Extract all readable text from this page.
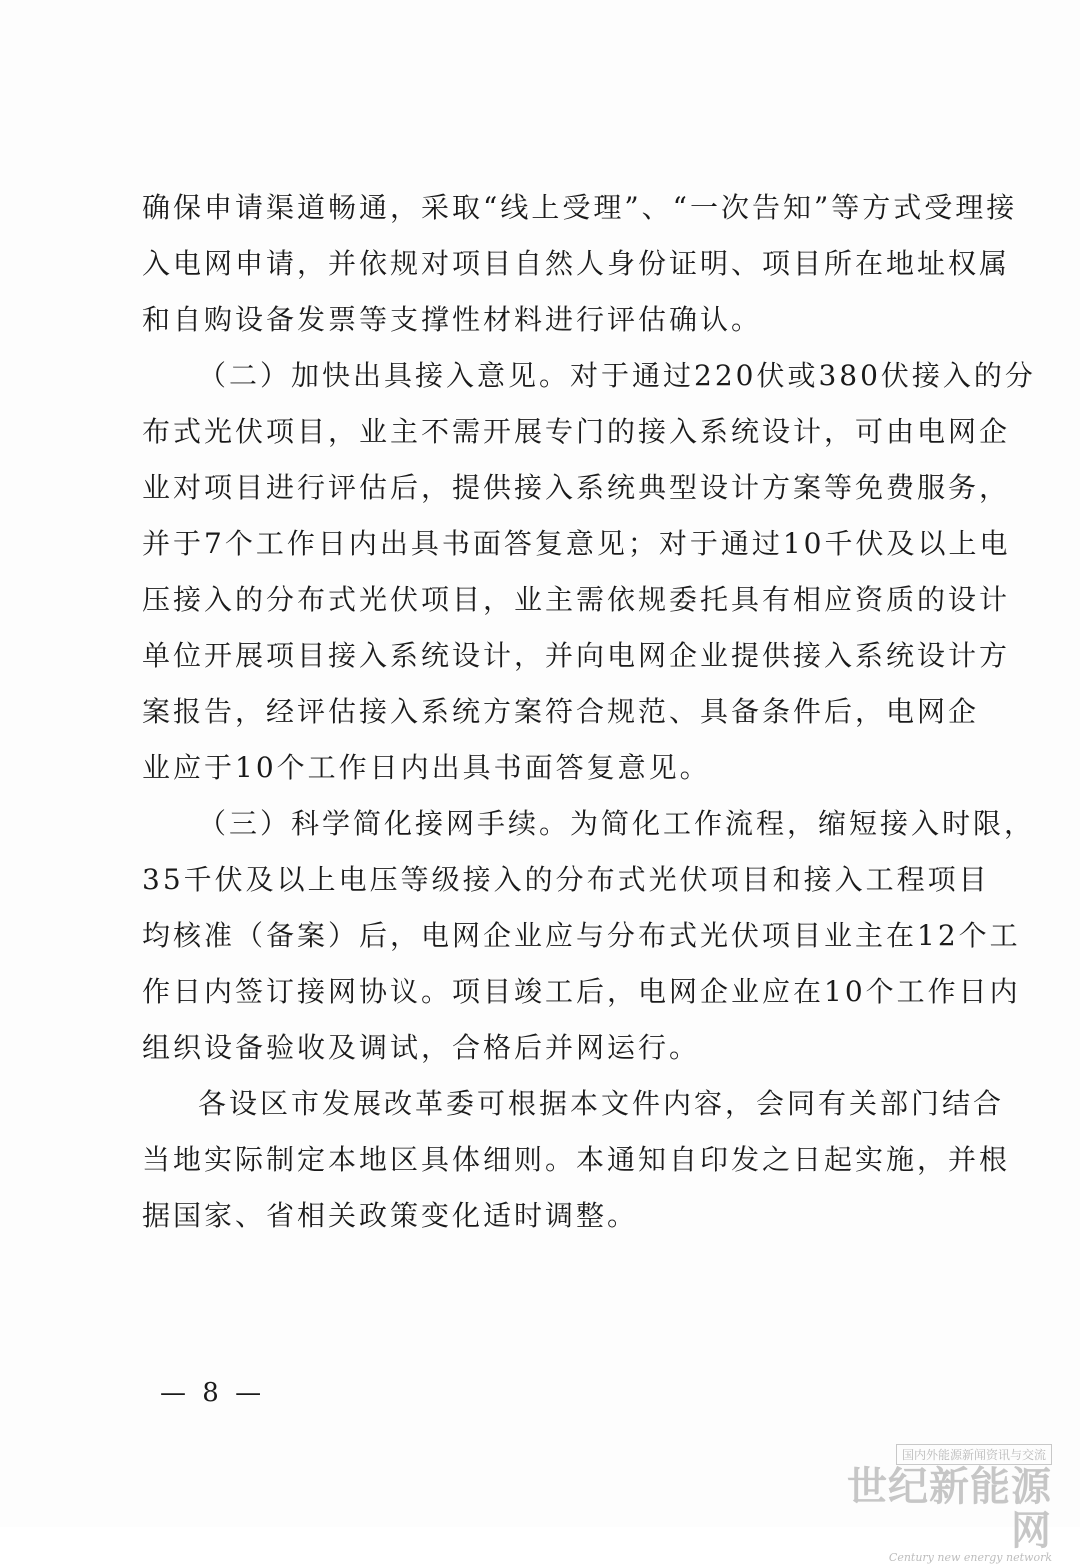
确保申请渠道畅通，采取“线上受理”、“一次告知”等方式受理接
入电网申请，并依规对项目自然人身份证明、项目所在地址权属
和自购设备发票等支撑性材料进行评估确认。
（二）加快出具接入意见。对于通过220伏或380伏接入的分
布式光伏项目，业主不需开展专门的接入系统设计，可由电网企
业对项目进行评估后，提供接入系统典型设计方案等免费服务，
并于7个工作日内出具书面答复意见；对于通过10千伏及以上电
压接入的分布式光伏项目，业主需依规委托具有相应资质的设计
单位开展项目接入系统设计，并向电网企业提供接入系统设计方
案报告，经评估接入系统方案符合规范、具备条件后，电网企
业应于10个工作日内出具书面答复意见。
（三）科学简化接网手续。为简化工作流程，缩短接入时限，
35千伏及以上电压等级接入的分布式光伏项目和接入工程项目
均核准（备案）后，电网企业应与分布式光伏项目业主在12个工
作日内签订接网协议。项目竣工后，电网企业应在10个工作日内
组织设备验收及调试，合格后并网运行。
各设区市发展改革委可根据本文件内容，会同有关部门结合
当地实际制定本地区具体细则。本通知自印发之日起实施，并根
据国家、省相关政策变化适时调整。
— 8 —
国内外能源新闻资讯与交流
世纪新能源网
Century new energy network
